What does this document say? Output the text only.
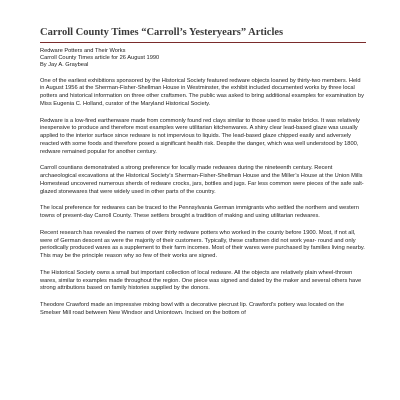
Carroll County Times “Carroll’s Yesteryears” Articles

Redware Potters and Their Works

Carroll County Times article for 26 August 1990

By Jay A. Graybeal

One of the earliest exhibitions sponsored by the Historical Society featured redware objects loaned by thirty-two members. Held in August 1956 at the Sherman-Fisher-Shellman House in Westminster, the exhibit included documented works by three local potters and historical information on three other craftsmen. The public was asked to bring additional examples for examination by Miss Eugenia C. Holland, curator of the Maryland Historical Society.

Redware is a low-fired earthenware made from commonly found red clays similar to those used to make bricks. It was relatively inexpensive to produce and therefore most examples were utilitarian kitchenwares. A shiny clear lead-based glaze was usually applied to the interior surface since redware is not impervious to liquids. The lead-based glaze chipped easily and adversely reacted with some foods and therefore posed a significant health risk. Despite the danger, which was well understood by 1800, redware remained popular for another century.

Carroll countians demonstrated a strong preference for locally made redwares during the nineteenth century. Recent archaeological excavations at the Historical Society’s Sherman-Fisher-Shellman House and the Miller’s House at the Union Mills Homestead uncovered numerous sherds of redware crocks, jars, bottles and jugs. Far less common were pieces of the safe salt-glazed stonewares that were widely used in other parts of the country.

The local preference for redwares can be traced to the Pennsylvania German immigrants who settled the northern and western towns of present-day Carroll County. These settlers brought a tradition of making and using utilitarian redwares.

Recent research has revealed the names of over thirty redware potters who worked in the county before 1900. Most, if not all, were of German descent as were the majority of their customers. Typically, these craftsmen did not work year- round and only periodically produced wares as a supplement to their farm incomes. Most of their wares were purchased by families living nearby. This may be the principle reason why so few of their works are signed.

The Historical Society owns a small but important collection of local redware. All the objects are relatively plain wheel-thrown wares, similar to examples made throughout the region. One piece was signed and dated by the maker and several others have strong attributions based on family histories supplied by the donors.

Theodore Crawford made an impressive mixing bowl with a decorative piecrust lip. Crawford’s pottery was located on the Smelser Mill road between New Windsor and Uniontown. Incised on the bottom of
